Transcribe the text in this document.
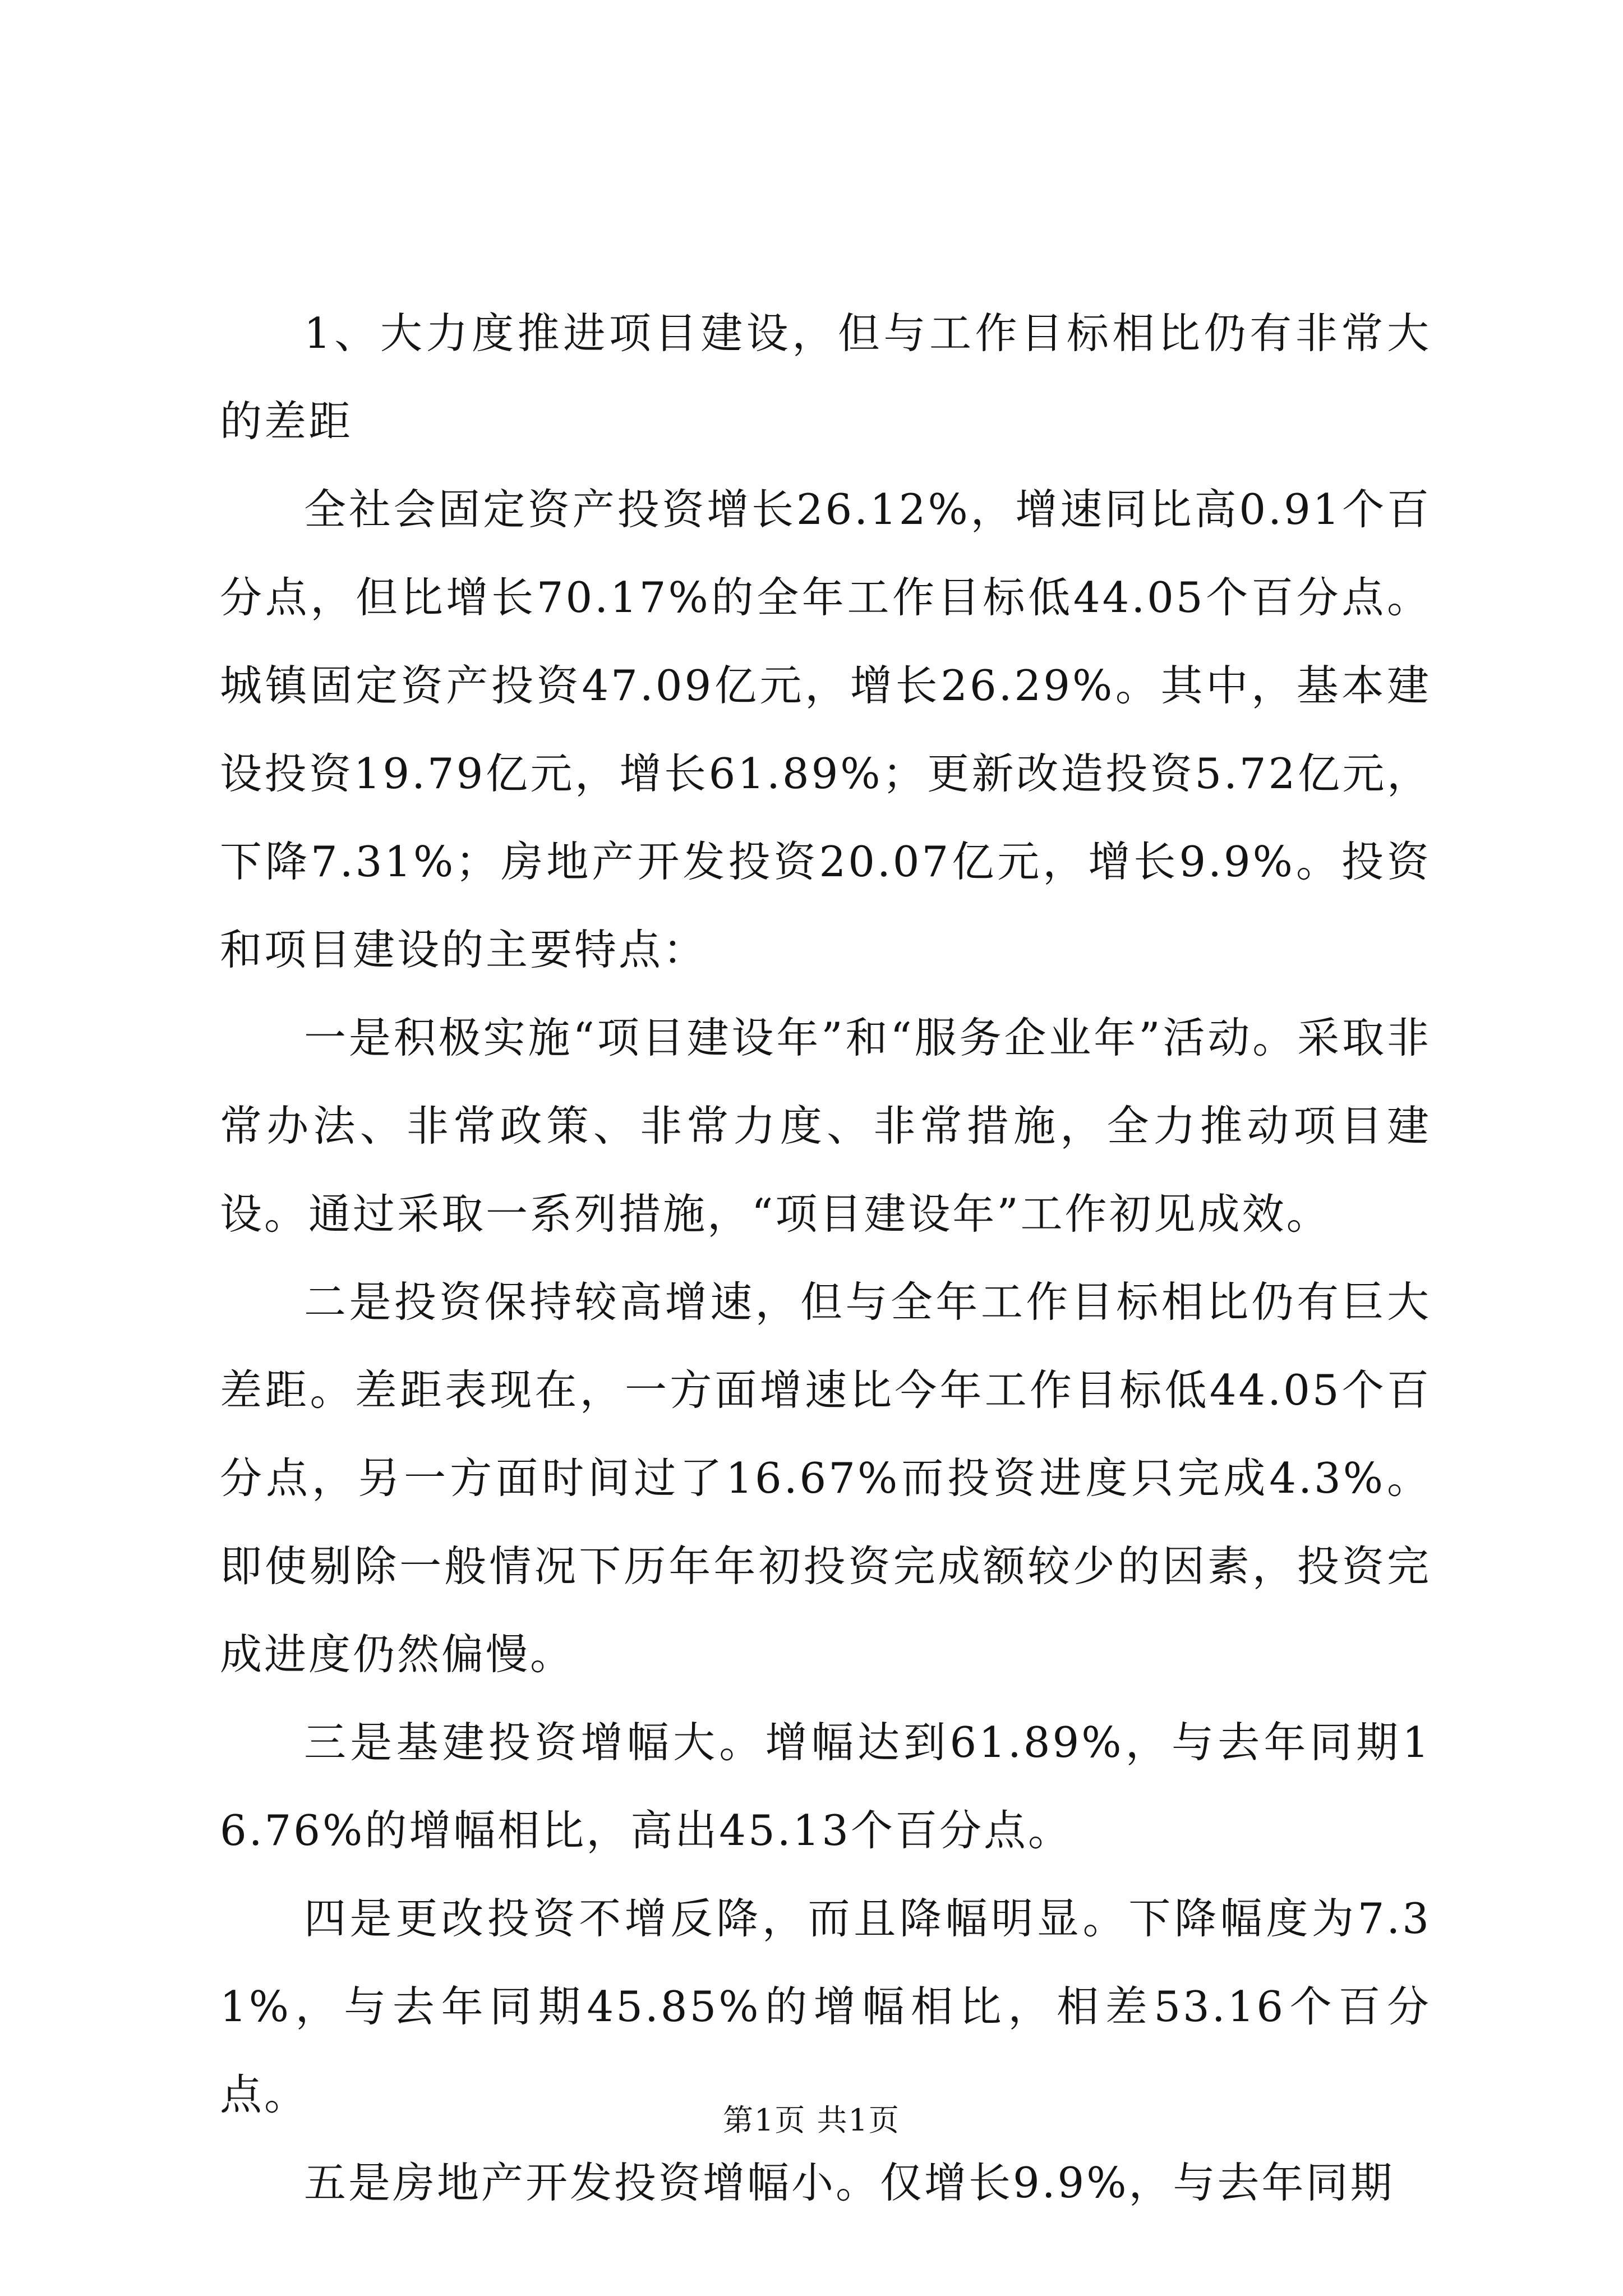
1、大力度推进项目建设，但与工作目标相比仍有非常大的差距

全社会固定资产投资增长26.12%，增速同比高0.91个百分点，但比增长70.17%的全年工作目标低44.05个百分点。城镇固定资产投资47.09亿元，增长26.29%。其中，基本建设投资19.79亿元，增长61.89%；更新改造投资5.72亿元，下降7.31%；房地产开发投资20.07亿元，增长9.9%。投资和项目建设的主要特点：

一是积极实施“项目建设年”和“服务企业年”活动。采取非常办法、非常政策、非常力度、非常措施，全力推动项目建设。通过采取一系列措施，“项目建设年”工作初见成效。

二是投资保持较高增速，但与全年工作目标相比仍有巨大差距。差距表现在，一方面增速比今年工作目标低44.05个百分点，另一方面时间过了16.67%而投资进度只完成4.3%。即使剔除一般情况下历年年初投资完成额较少的因素，投资完成进度仍然偏慢。

三是基建投资增幅大。增幅达到61.89%，与去年同期16.76%的增幅相比，高出45.13个百分点。

四是更改投资不增反降，而且降幅明显。下降幅度为7.31%，与去年同期45.85%的增幅相比，相差53.16个百分点。

五是房地产开发投资增幅小。仅增长9.9%，与去年同期

第1页 共1页
